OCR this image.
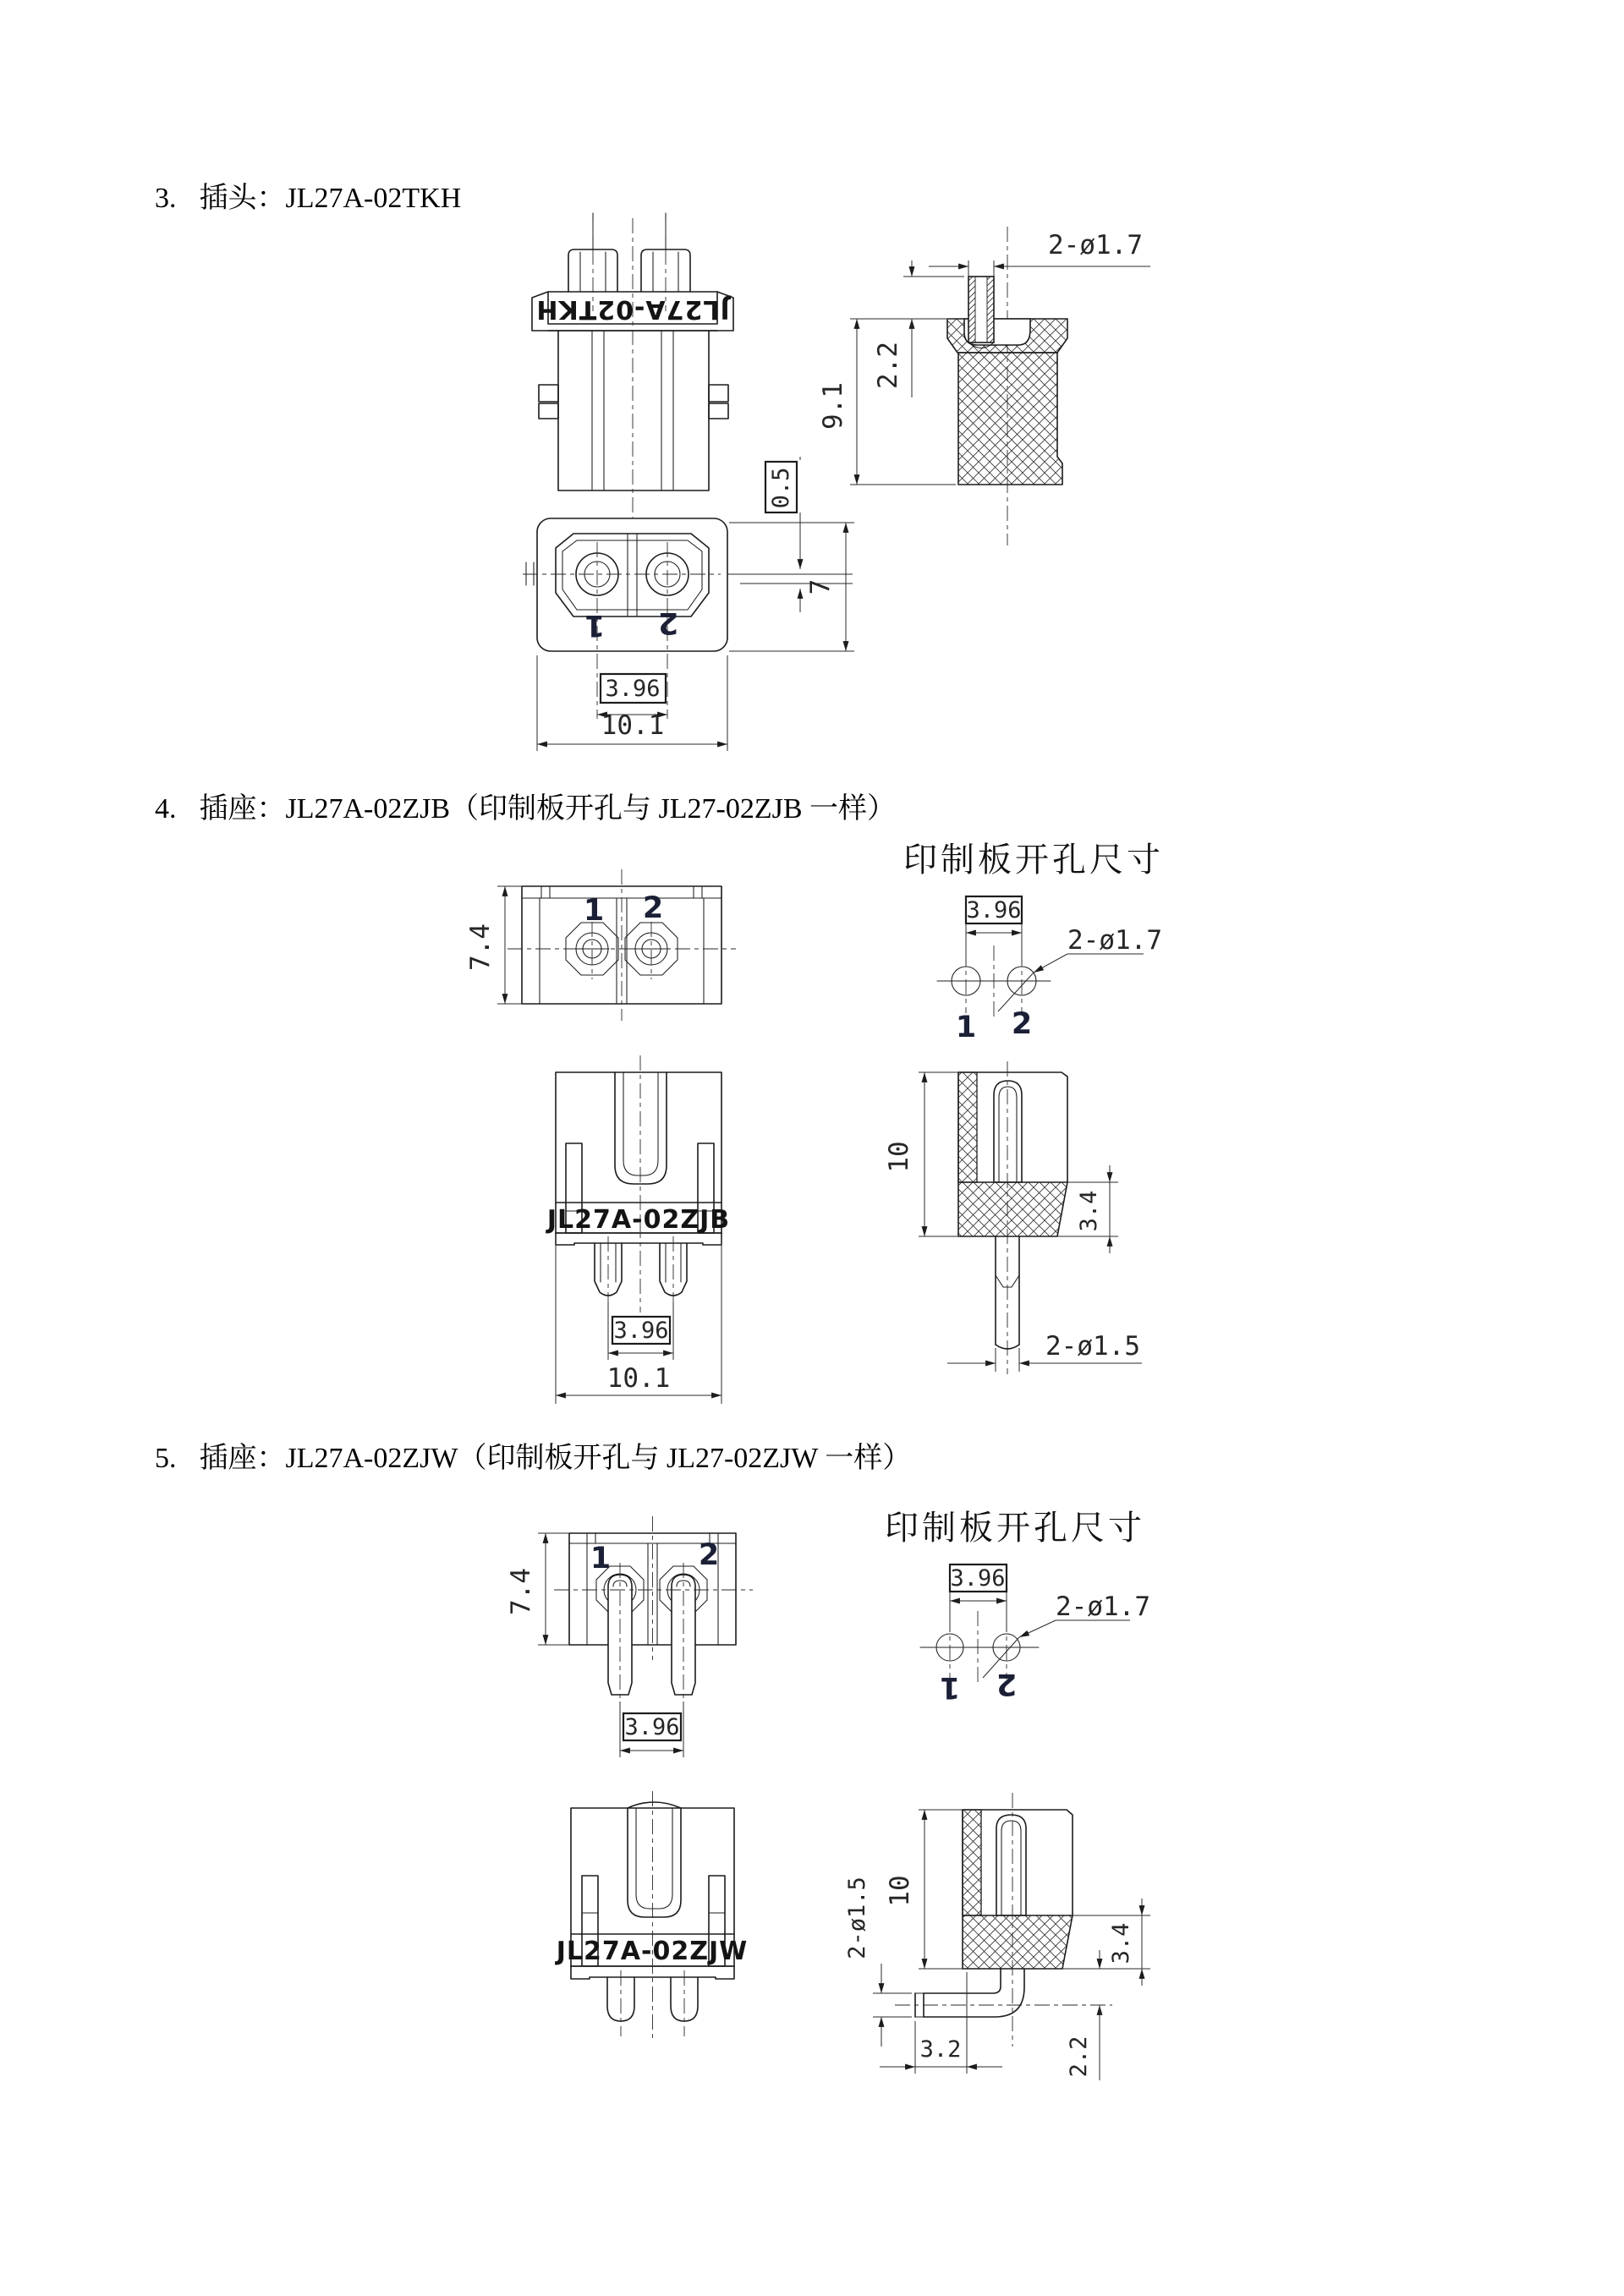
3. 插头：JL27A-02TKH
4. 插座：JL27A-02ZJB（印制板开孔与 JL27-02ZJB 一样）
5. 插座：JL27A-02ZJW（印制板开孔与 JL27-02ZJW 一样）
JL27A-02TKH
2-ø1.7
2.2
9.1
1 2
0.5
7
3.96
10.1
1 2
7.4
印制板开孔尺寸
3.96
2-ø1.7
1 2
JL27A-02ZJB
3.96
10.1
10
3.4
2-ø1.5
1	2
7.4
3.96
印制板开孔尺寸
3.96
2-ø1.7
1 2
JL27A-02ZJW
10
3.4
2-ø1.5
2.2
3.2
